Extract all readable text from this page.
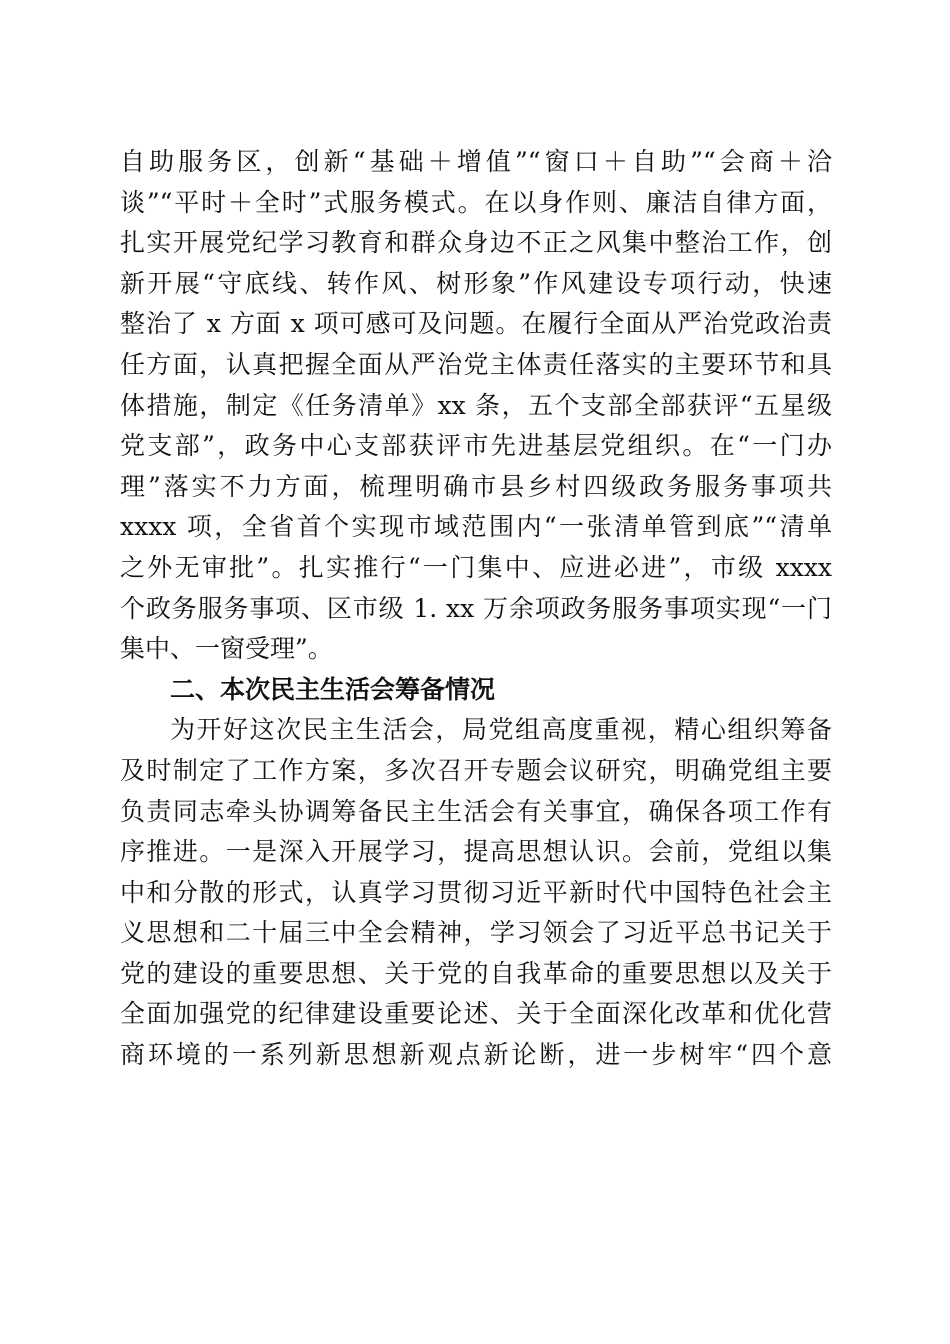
自助服务区，创新“基础＋增值”“窗口＋自助”“会商＋洽
谈”“平时＋全时”式服务模式。在以身作则、廉洁自律方面，
扎实开展党纪学习教育和群众身边不正之风集中整治工作，创
新开展“守底线、转作风、树形象”作风建设专项行动，快速
整治了 x 方面 x 项可感可及问题。在履行全面从严治党政治责
任方面，认真把握全面从严治党主体责任落实的主要环节和具
体措施，制定《任务清单》xx 条，五个支部全部获评“五星级
党支部”，政务中心支部获评市先进基层党组织。在“一门办
理”落实不力方面，梳理明确市县乡村四级政务服务事项共
xxxx 项，全省首个实现市域范围内“一张清单管到底”“清单
之外无审批”。扎实推行“一门集中、应进必进”，市级 xxxx
个政务服务事项、区市级 1. xx 万余项政务服务事项实现“一门
集中、一窗受理”。
二、本次民主生活会筹备情况
为开好这次民主生活会，局党组高度重视，精心组织筹备
及时制定了工作方案，多次召开专题会议研究，明确党组主要
负责同志牵头协调筹备民主生活会有关事宜，确保各项工作有
序推进。一是深入开展学习，提高思想认识。会前，党组以集
中和分散的形式，认真学习贯彻习近平新时代中国特色社会主
义思想和二十届三中全会精神，学习领会了习近平总书记关于
党的建设的重要思想、关于党的自我革命的重要思想以及关于
全面加强党的纪律建设重要论述、关于全面深化改革和优化营
商环境的一系列新思想新观点新论断，进一步树牢“四个意
